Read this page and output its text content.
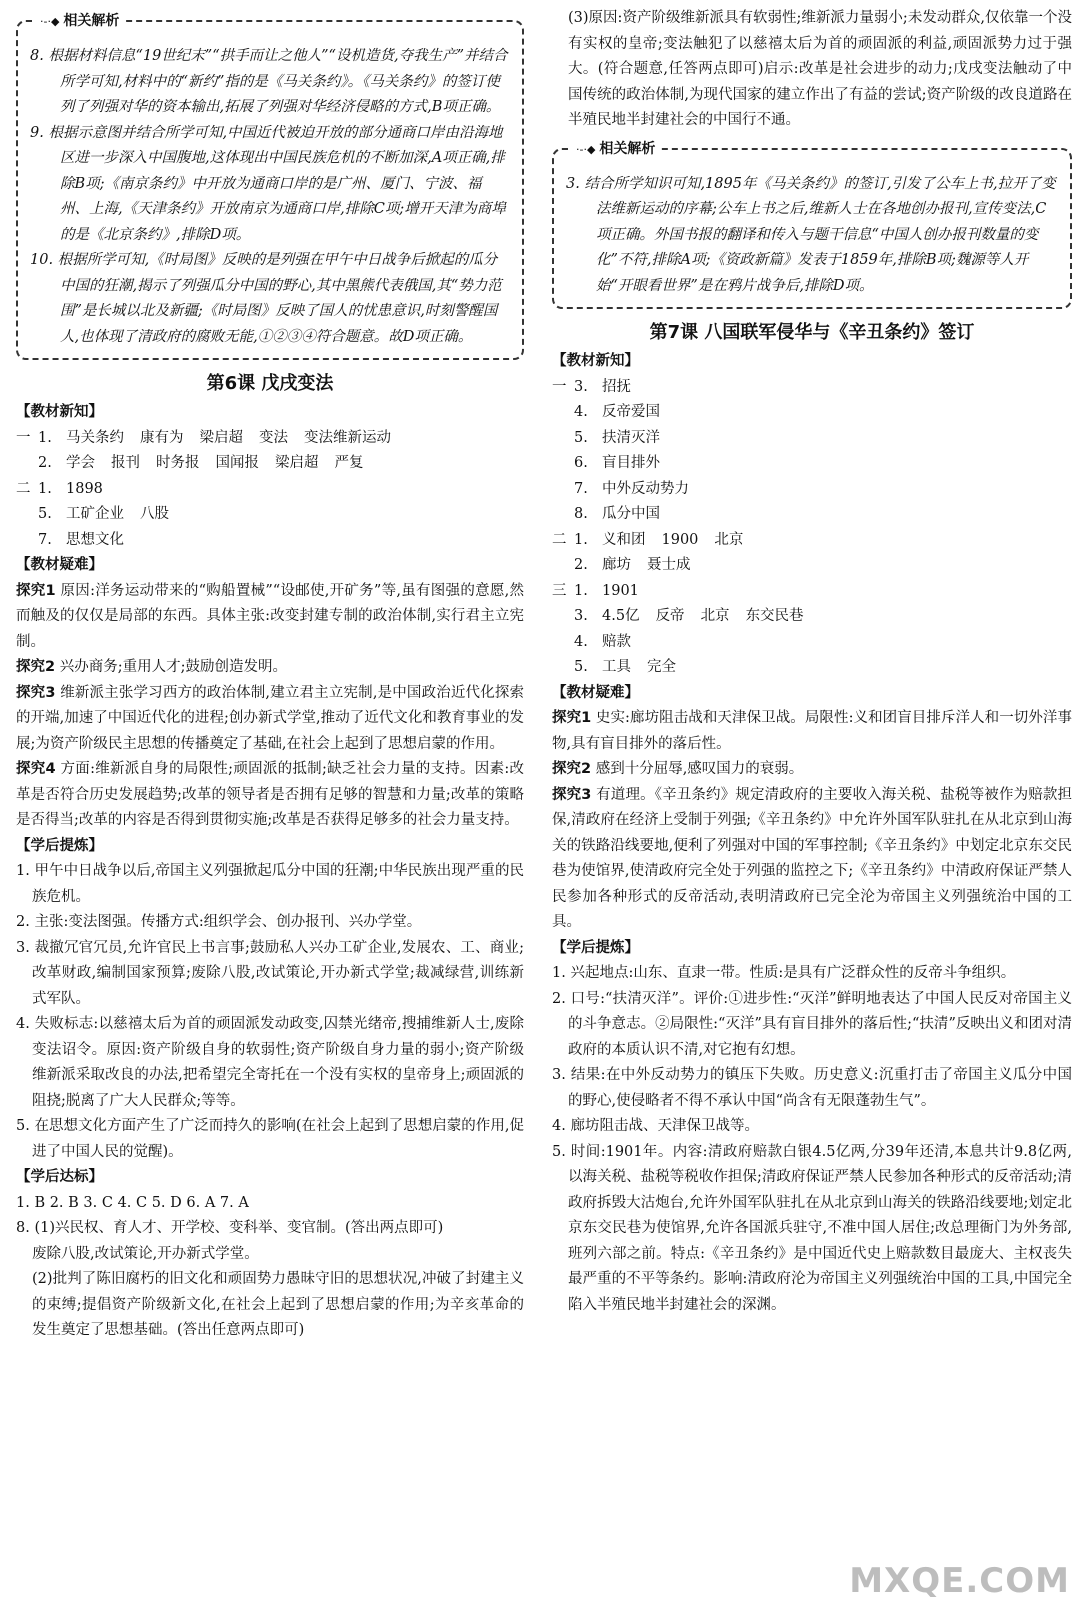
·-·◆ 相关解析

8. 根据材料信息“19世纪末”“拱手而让之他人”“设机造货,夺我生产”并结合所学可知,材料中的“新约”指的是《马关条约》。《马关条约》的签订使列了列强对华的资本输出,拓展了列强对华经济侵略的方式,B项正确。

9. 根据示意图并结合所学可知,中国近代被迫开放的部分通商口岸由沿海地区进一步深入中国腹地,这体现出中国民族危机的不断加深,A项正确,排除B项;《南京条约》中开放为通商口岸的是广州、厦门、宁波、福州、上海,《天津条约》开放南京为通商口岸,排除C项;增开天津为商埠的是《北京条约》,排除D项。

10. 根据所学可知,《时局图》反映的是列强在甲午中日战争后掀起的瓜分中国的狂潮,揭示了列强瓜分中国的野心,其中黑熊代表俄国,其“势力范围”是长城以北及新疆;《时局图》反映了国人的忧患意识,时刻警醒国人,也体现了清政府的腐败无能,①②③④符合题意。故D项正确。

第6课 戊戌变法

【教材新知】

一 1. 马关条约 康有为 梁启超 变法 变法维新运动

2. 学会 报刊 时务报 国闻报 梁启超 严复

二 1. 1898

5. 工矿企业 八股

7. 思想文化

【教材疑难】

探究1 原因:洋务运动带来的“购船置械”“设邮使,开矿务”等,虽有图强的意愿,然而触及的仅仅是局部的东西。具体主张:改变封建专制的政治体制,实行君主立宪制。

探究2 兴办商务;重用人才;鼓励创造发明。

探究3 维新派主张学习西方的政治体制,建立君主立宪制,是中国政治近代化探索的开端,加速了中国近代化的进程;创办新式学堂,推动了近代文化和教育事业的发展;为资产阶级民主思想的传播奠定了基础,在社会上起到了思想启蒙的作用。

探究4 方面:维新派自身的局限性;顽固派的抵制;缺乏社会力量的支持。因素:改革是否符合历史发展趋势;改革的领导者是否拥有足够的智慧和力量;改革的策略是否得当;改革的内容是否得到贯彻实施;改革是否获得足够多的社会力量支持。

【学后提炼】

1. 甲午中日战争以后,帝国主义列强掀起瓜分中国的狂潮;中华民族出现严重的民族危机。

2. 主张:变法图强。传播方式:组织学会、创办报刊、兴办学堂。

3. 裁撤冗官冗员,允许官民上书言事;鼓励私人兴办工矿企业,发展农、工、商业;改革财政,编制国家预算;废除八股,改试策论,开办新式学堂;裁减绿营,训练新式军队。

4. 失败标志:以慈禧太后为首的顽固派发动政变,囚禁光绪帝,搜捕维新人士,废除变法诏令。原因:资产阶级自身的软弱性;资产阶级自身力量的弱小;资产阶级维新派采取改良的办法,把希望完全寄托在一个没有实权的皇帝身上;顽固派的阻挠;脱离了广大人民群众;等等。

5. 在思想文化方面产生了广泛而持久的影响(在社会上起到了思想启蒙的作用,促进了中国人民的觉醒)。

【学后达标】

1. B 2. B 3. C 4. C 5. D 6. A 7. A

8. (1)兴民权、育人才、开学校、变科举、变官制。(答出两点即可)

废除八股,改试策论,开办新式学堂。

(2)批判了陈旧腐朽的旧文化和顽固势力愚昧守旧的思想状况,冲破了封建主义的束缚;提倡资产阶级新文化,在社会上起到了思想启蒙的作用;为辛亥革命的发生奠定了思想基础。(答出任意两点即可)

(3)原因:资产阶级维新派具有软弱性;维新派力量弱小;未发动群众,仅依靠一个没有实权的皇帝;变法触犯了以慈禧太后为首的顽固派的利益,顽固派势力过于强大。(符合题意,任答两点即可)启示:改革是社会进步的动力;戊戌变法触动了中国传统的政治体制,为现代国家的建立作出了有益的尝试;资产阶级的改良道路在半殖民地半封建社会的中国行不通。

·-·◆ 相关解析

3. 结合所学知识可知,1895年《马关条约》的签订,引发了公车上书,拉开了变法维新运动的序幕;公车上书之后,维新人士在各地创办报刊,宣传变法,C项正确。外国书报的翻译和传入与题干信息“中国人创办报刊数量的变化”不符,排除A项;《资政新篇》发表于1859年,排除B项;魏源等人开始“开眼看世界”是在鸦片战争后,排除D项。

第7课 八国联军侵华与《辛丑条约》签订

【教材新知】

一 3. 招抚

4. 反帝爱国

5. 扶清灭洋

6. 盲目排外

7. 中外反动势力

8. 瓜分中国

二 1. 义和团 1900 北京

2. 廊坊 聂士成

三 1. 1901

3. 4.5亿 反帝 北京 东交民巷

4. 赔款

5. 工具 完全

【教材疑难】

探究1 史实:廊坊阻击战和天津保卫战。局限性:义和团盲目排斥洋人和一切外洋事物,具有盲目排外的落后性。

探究2 感到十分屈辱,感叹国力的衰弱。

探究3 有道理。《辛丑条约》规定清政府的主要收入海关税、盐税等被作为赔款担保,清政府在经济上受制于列强;《辛丑条约》中允许外国军队驻扎在从北京到山海关的铁路沿线要地,便利了列强对中国的军事控制;《辛丑条约》中划定北京东交民巷为使馆界,使清政府完全处于列强的监控之下;《辛丑条约》中清政府保证严禁人民参加各种形式的反帝活动,表明清政府已完全沦为帝国主义列强统治中国的工具。

【学后提炼】

1. 兴起地点:山东、直隶一带。性质:是具有广泛群众性的反帝斗争组织。

2. 口号:“扶清灭洋”。评价:①进步性:“灭洋”鲜明地表达了中国人民反对帝国主义的斗争意志。②局限性:“灭洋”具有盲目排外的落后性;“扶清”反映出义和团对清政府的本质认识不清,对它抱有幻想。

3. 结果:在中外反动势力的镇压下失败。历史意义:沉重打击了帝国主义瓜分中国的野心,使侵略者不得不承认中国“尚含有无限蓬勃生气”。

4. 廊坊阻击战、天津保卫战等。

5. 时间:1901年。内容:清政府赔款白银4.5亿两,分39年还清,本息共计9.8亿两,以海关税、盐税等税收作担保;清政府保证严禁人民参加各种形式的反帝活动;清政府拆毁大沽炮台,允许外国军队驻扎在从北京到山海关的铁路沿线要地;划定北京东交民巷为使馆界,允许各国派兵驻守,不准中国人居住;改总理衙门为外务部,班列六部之前。特点:《辛丑条约》是中国近代史上赔款数目最庞大、主权丧失最严重的不平等条约。影响:清政府沦为帝国主义列强统治中国的工具,中国完全陷入半殖民地半封建社会的深渊。

MXQE.COM
